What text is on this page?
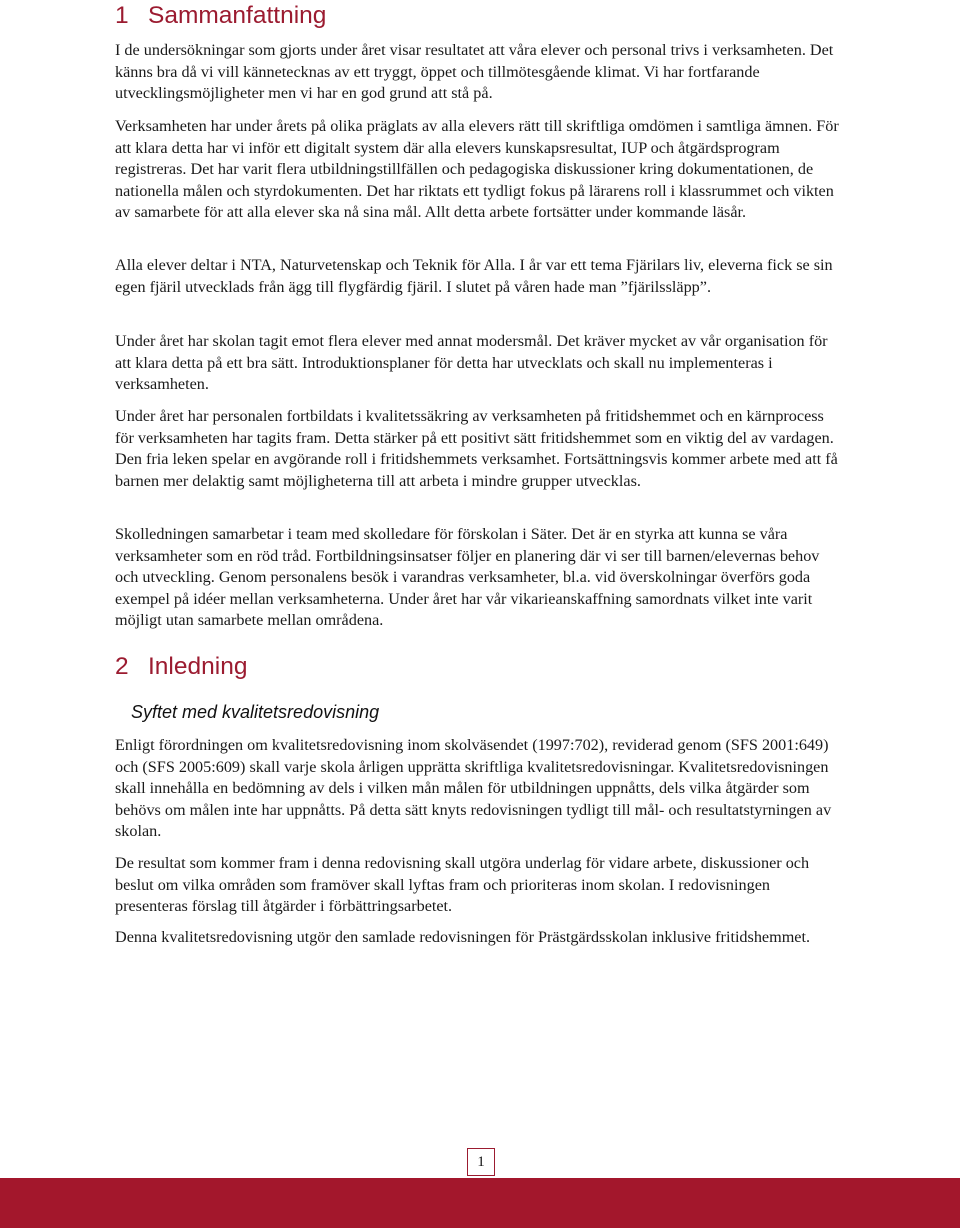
1 Sammanfattning

I de undersökningar som gjorts under året visar resultatet att våra elever och personal trivs i verksamheten. Det känns bra då vi vill kännetecknas av ett tryggt, öppet och tillmötesgående klimat. Vi har fortfarande utvecklingsmöjligheter men vi har en god grund att stå på.

Verksamheten har under årets på olika präglats av alla elevers rätt till skriftliga omdömen i samtliga ämnen. För att klara detta har vi inför ett digitalt system där alla elevers kunskapsresultat, IUP och åtgärdsprogram registreras. Det har varit flera utbildningstillfällen och pedagogiska diskussioner kring dokumentationen, de nationella målen och styrdokumenten. Det har riktats ett tydligt fokus på lärarens roll i klassrummet och vikten av samarbete för att alla elever ska nå sina mål. Allt detta arbete fortsätter under kommande läsår.

Alla elever deltar i NTA, Naturvetenskap och Teknik för Alla. I år var ett tema Fjärilars liv, eleverna fick se sin egen fjäril utvecklads från ägg till flygfärdig fjäril. I slutet på våren hade man ”fjärilssläpp”.

Under året har skolan tagit emot flera elever med annat modersmål. Det kräver mycket av vår organisation för att klara detta på ett bra sätt. Introduktionsplaner för detta har utvecklats och skall nu implementeras i verksamheten.

Under året har personalen fortbildats i kvalitetssäkring av verksamheten på fritidshemmet och en kärnprocess för verksamheten har tagits fram. Detta stärker på ett positivt sätt fritidshemmet som en viktig del av vardagen. Den fria leken spelar en avgörande roll i fritidshemmets verksamhet. Fortsättningsvis kommer arbete med att få barnen mer delaktig samt möjligheterna till att arbeta i mindre grupper utvecklas.

Skolledningen samarbetar i team med skolledare för förskolan i Säter. Det är en styrka att kunna se våra verksamheter som en röd tråd. Fortbildningsinsatser följer en planering där vi ser till barnen/elevernas behov och utveckling. Genom personalens besök i varandras verksamheter, bl.a. vid överskolningar överförs goda exempel på idéer mellan verksamheterna. Under året har vår vikarieanskaffning samordnats vilket inte varit möjligt utan samarbete mellan områdena.

2 Inledning
Syftet med kvalitetsredovisning

Enligt förordningen om kvalitetsredovisning inom skolväsendet (1997:702), reviderad genom (SFS 2001:649) och (SFS 2005:609) skall varje skola årligen upprätta skriftliga kvalitetsredovisningar. Kvalitetsredovisningen skall innehålla en bedömning av dels i vilken mån målen för utbildningen uppnåtts, dels vilka åtgärder som behövs om målen inte har uppnåtts. På detta sätt knyts redovisningen tydligt till mål- och resultatstyrningen av skolan.

De resultat som kommer fram i denna redovisning skall utgöra underlag för vidare arbete, diskussioner och beslut om vilka områden som framöver skall lyftas fram och prioriteras inom skolan. I redovisningen presenteras förslag till åtgärder i förbättringsarbetet.

Denna kvalitetsredovisning utgör den samlade redovisningen för Prästgärdsskolan inklusive fritidshemmet.

1
